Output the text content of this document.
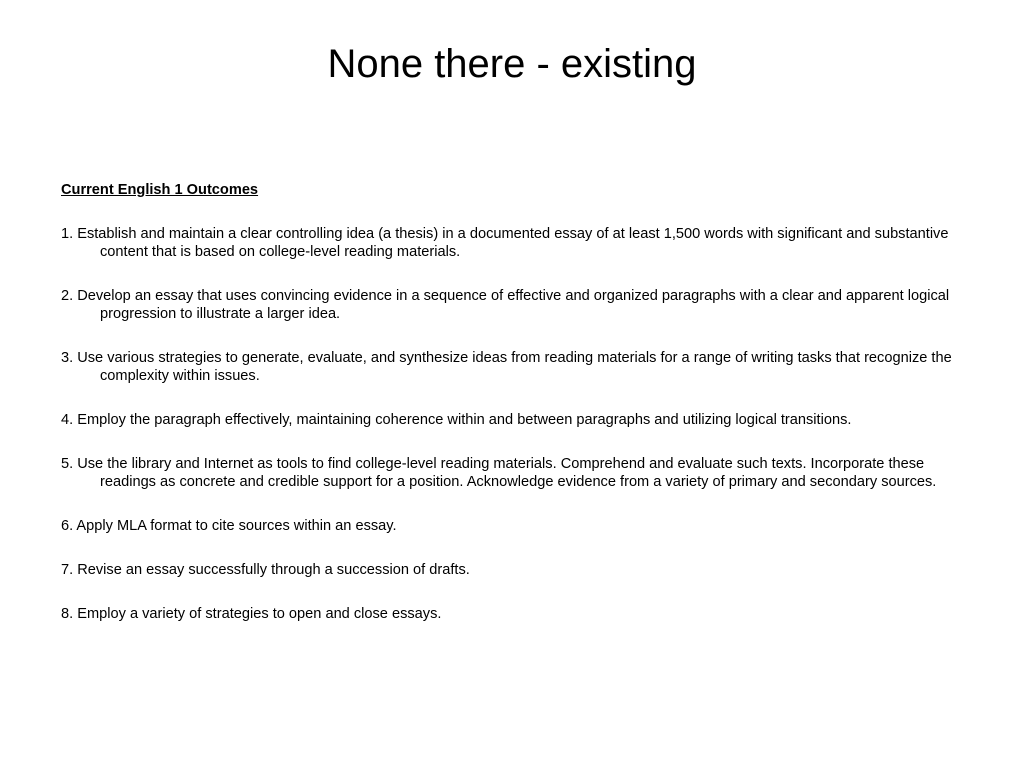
None there - existing

Current English 1 Outcomes

1. Establish and maintain a clear controlling idea (a thesis) in a documented essay of at least 1,500 words with significant and substantive content that is based on college-level reading materials.
2. Develop an essay that uses convincing evidence in a sequence of effective and organized paragraphs with a clear and apparent logical progression to illustrate a larger idea.
3. Use various strategies to generate, evaluate, and synthesize ideas from reading materials for a range of writing tasks that recognize the complexity within issues.
4. Employ the paragraph effectively, maintaining coherence within and between paragraphs and utilizing logical transitions.
5. Use the library and Internet as tools to find college-level reading materials. Comprehend and evaluate such texts. Incorporate these readings as concrete and credible support for a position. Acknowledge evidence from a variety of primary and secondary sources.
6. Apply MLA format to cite sources within an essay.
7. Revise an essay successfully through a succession of drafts.
8. Employ a variety of strategies to open and close essays.
